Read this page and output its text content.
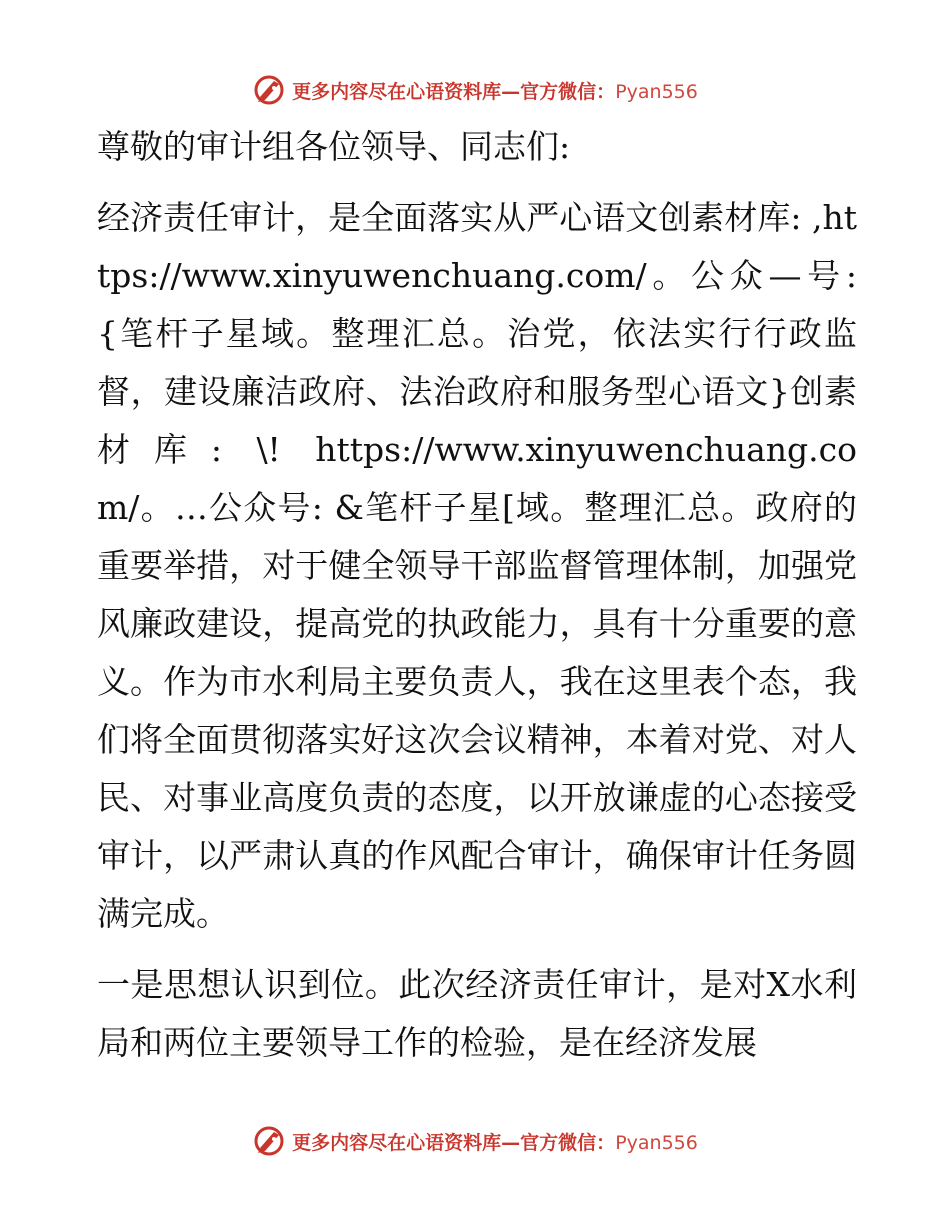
更多内容尽在心语资料库—官方微信：Pyan556

尊敬的审计组各位领导、同志们:

经济责任审计，是全面落实从严心语文创素材库: ,https://www.xinyuwenchuang.com/。公众—号: {笔杆子星域。整理汇总。治党，依法实行行政监督，建设廉洁政府、法治政府和服务型心语文}创素材库: \! https://www.xinyuwenchuang.com/。…公众号: &笔杆子星[域。整理汇总。政府的重要举措，对于健全领导干部监督管理体制，加强党风廉政建设，提高党的执政能力，具有十分重要的意义。作为市水利局主要负责人，我在这里表个态，我们将全面贯彻落实好这次会议精神，本着对党、对人民、对事业高度负责的态度，以开放谦虚的心态接受审计，以严肃认真的作风配合审计，确保审计任务圆满完成。

一是思想认识到位。此次经济责任审计，是对X水利局和两位主要领导工作的检验，是在经济发展

更多内容尽在心语资料库—官方微信：Pyan556
